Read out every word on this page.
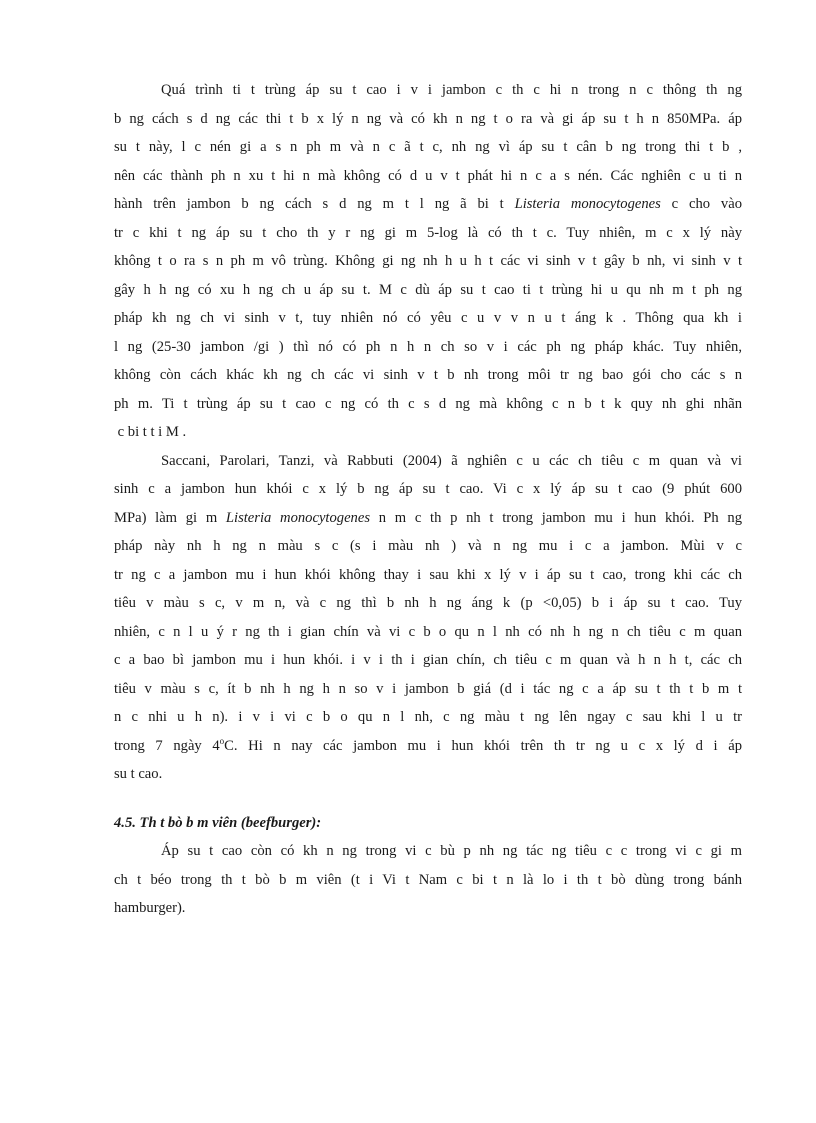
Quá trình ti t trùng áp su t cao i v i jambon c th c hi n trong n c thông th ng
b ng cách s d ng các thi t b x lý n ng và có kh n ng t o ra và gi áp su t h n 850MPa. áp
su t này, l c nén gi a s n ph m và n c ã t c, nh ng vì áp su t cân b ng trong thi t b ,
nên các thành ph n xu t hi n mà không có d u v t phát hi n c a s nén. Các nghiên c u ti n
hành trên jambon b ng cách s d ng m t l ng ã bi t Listeria monocytogenes c cho vào
tr c khi t ng áp su t cho th y r ng gi m 5-log là có th t c. Tuy nhiên, m c x lý này
không t o ra s n ph m vô trùng. Không gi ng nh h u h t các vi sinh v t gây b nh, vi sinh v t
gây h h ng có xu h ng ch u áp su t. M c dù áp su t cao ti t trùng hi u qu nh m t ph ng
pháp kh ng ch vi sinh v t, tuy nhiên nó có yêu c u v v n u t áng k . Thông qua kh i
l ng (25-30 jambon /gi ) thì nó có ph n h n ch so v i các ph ng pháp khác. Tuy nhiên,
không còn cách khác kh ng ch các vi sinh v t b nh trong môi tr ng bao gói cho các s n
ph m. Ti t trùng áp su t cao c ng có th c s d ng mà không c n b t k quy nh ghi nhãn
c bi t t i M .
Saccani, Parolari, Tanzi, và Rabbuti (2004) ã nghiên c u các ch tiêu c m quan và vi
sinh c a jambon hun khói c x lý b ng áp su t cao. Vi c x lý áp su t cao (9 phút 600
MPa) làm gi m Listeria monocytogenes n m c th p nh t trong jambon mu i hun khói. Ph ng
pháp này nh h ng n màu s c (s i màu nh ) và n ng mu i c a jambon. Mùi v c
tr ng c a jambon mu i hun khói không thay i sau khi x lý v i áp su t cao, trong khi các ch
tiêu v màu s c, v m n, và c ng thì b nh h ng áng k (p <0,05) b i áp su t cao. Tuy
nhiên, c n l u ý r ng th i gian chín và vi c b o qu n l nh có nh h ng n ch tiêu c m quan
c a bao bì jambon mu i hun khói. i v i th i gian chín, ch tiêu c m quan và h n h t, các ch
tiêu v màu s c, ít b nh h ng h n so v i jambon b giá (d i tác ng c a áp su t th t b m t
n c nhi u h n). i v i vi c b o qu n l nh, c ng màu t ng lên ngay c sau khi l u tr
trong 7 ngày 4$^o$C. Hi n nay các jambon mu i hun khói trên th tr ng u c x lý d i áp
su t cao.
4.5. Th t bò b m viên (beefburger):
Áp su t cao còn có kh n ng trong vi c bù p nh ng tác ng tiêu c c trong vi c gi m
ch t béo trong th t bò b m viên (t i Vi t Nam c bi t n là lo i th t bò dùng trong bánh
hamburger).
